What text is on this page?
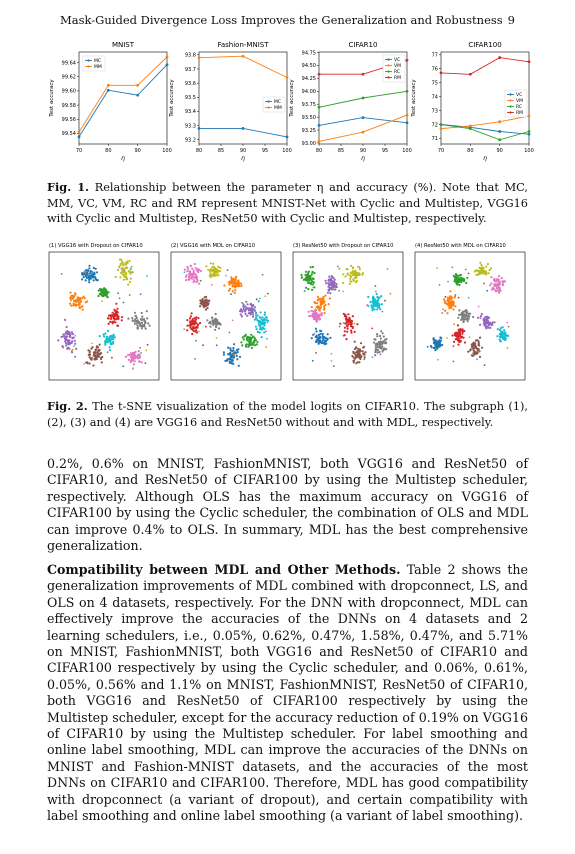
Mask-Guided Divergence Loss Improves the Generalization and Robustness 9
MNIST
99.54
99.56
99.58
99.60
99.62
99.64
70	80	90	100
η
Test accuracy
MC
MM
Fashion-MNIST
93.2
93.3
93.4
93.5
93.6
93.7
93.8
80	85	90	95	100
η
Test accuracy	MC
MM
CIFAR10
93.00
93.25
93.50
93.75
94.00
94.25
94.50
94.75
80	85	90	95	100
η
Test accuracy
VC
VM
RC
RM
CIFAR100
71
72
73
74
75
76
77
70	80	90	100
η
Test accuracy	VC
VM
RC
RM
Fig. 1. Relationship between the parameter η and accuracy (%). Note that MC, MM, VC, VM, RC and RM represent MNIST-Net with Cyclic and Multistep, VGG16 with Cyclic and Multistep, ResNet50 with Cyclic and Multistep, respectively.
(1) VGG16 with Dropout on CIFAR10	(2) VGG16 with MDL on CIFAR10	(3) ResNet50 with Dropout on CIFAR10	(4) ResNet50 with MDL on CIFAR10
Fig. 2. The t-SNE visualization of the model logits on CIFAR10. The subgraph (1), (2), (3) and (4) are VGG16 and ResNet50 without and with MDL, respectively.
0.2%, 0.6% on MNIST, FashionMNIST, both VGG16 and ResNet50 of CIFAR10, and ResNet50 of CIFAR100 by using the Multistep scheduler, respectively. Although OLS has the maximum accuracy on VGG16 of CIFAR100 by using the Cyclic scheduler, the combination of OLS and MDL can improve 0.4% to OLS. In summary, MDL has the best comprehensive generalization.
Compatibility between MDL and Other Methods. Table 2 shows the generalization improvements of MDL combined with dropconnect, LS, and OLS on 4 datasets, respectively. For the DNN with dropconnect, MDL can effectively improve the accuracies of the DNNs on 4 datasets and 2 learning schedulers, i.e., 0.05%, 0.62%, 0.47%, 1.58%, 0.47%, and 5.71% on MNIST, FashionMNIST, both VGG16 and ResNet50 of CIFAR10 and CIFAR100 respectively by using the Cyclic scheduler, and 0.06%, 0.61%, 0.05%, 0.56% and 1.1% on MNIST, FashionMNIST, ResNet50 of CIFAR10, both VGG16 and ResNet50 of CIFAR100 respectively by using the Multistep scheduler, except for the accuracy reduction of 0.19% on VGG16 of CIFAR10 by using the Multistep scheduler. For label smoothing and online label smoothing, MDL can improve the accuracies of the DNNs on MNIST and Fashion-MNIST datasets, and the accuracies of the most DNNs on CIFAR10 and CIFAR100. Therefore, MDL has good compatibility with dropconnect (a variant of dropout), and certain compatibility with label smoothing and online label smoothing (a variant of label smoothing).
